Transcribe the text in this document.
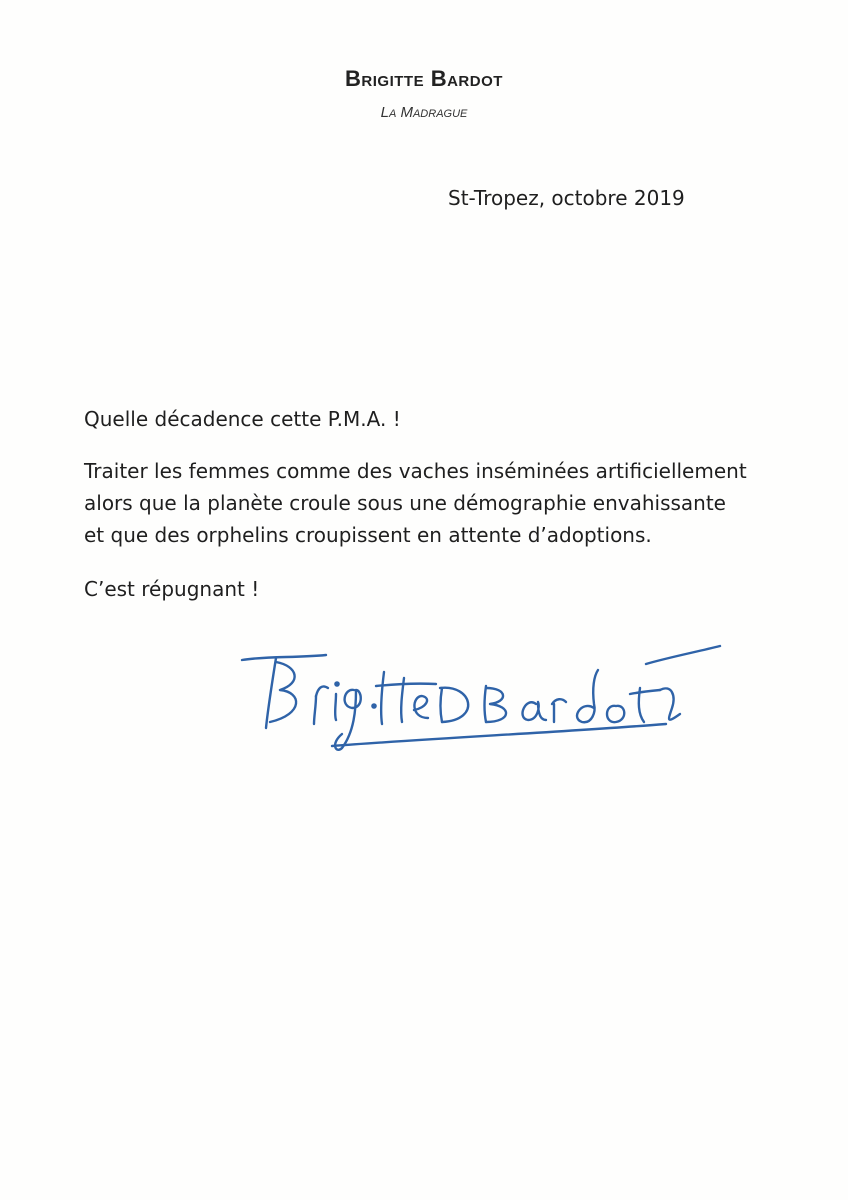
Brigitte Bardot
La Madrague
St-Tropez, octobre 2019
Quelle décadence cette P.M.A. !
Traiter les femmes comme des vaches inséminées artificiellement
alors que la planète croule sous une démographie envahissante
et que des orphelins croupissent en attente d’adoptions.
C’est répugnant !
